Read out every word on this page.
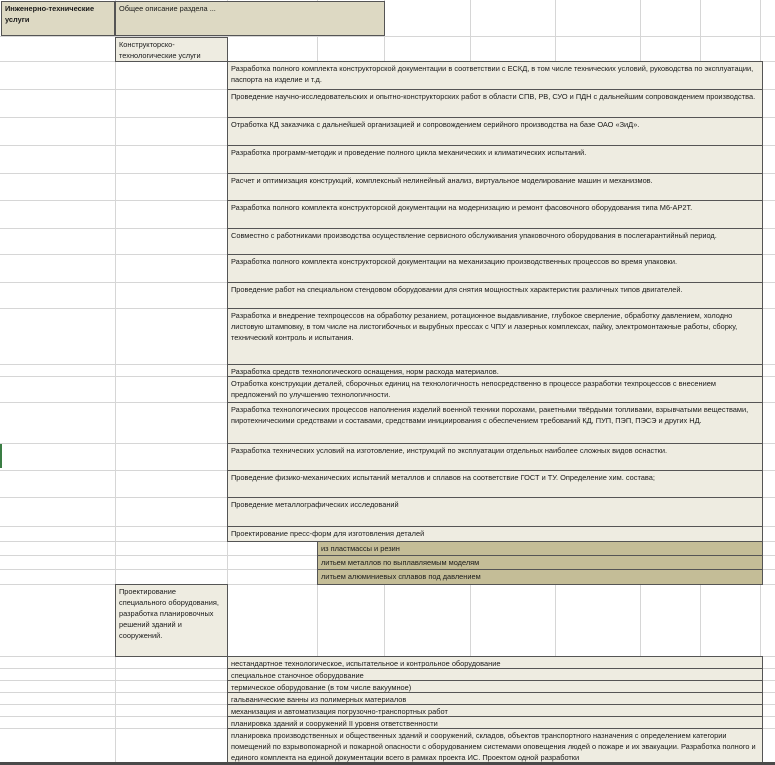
Инженерно-технические услуги
Общее описание раздела ...
Конструкторско-технологические услуги
Разработка полного комплекта конструкторской документации в соответствии с ЕСКД, в том числе технических условий, руководства по эксплуатации, паспорта на изделие и т.д.
Проведение научно-исследовательских и опытно-конструкторских работ в области СПВ, РВ, СУО и ПДН с дальнейшим сопровождением производства.
Отработка КД заказчика с дальнейшей организацией и сопровождением серийного производства на базе ОАО «ЗиД».
Разработка программ-методик и проведение полного цикла механических и климатических испытаний.
Расчет и оптимизация конструкций, комплексный нелинейный анализ, виртуальное моделирование машин и механизмов.
Разработка полного комплекта конструкторской документации на модернизацию и ремонт фасовочного оборудования типа М6-АР2Т.
Совместно с работниками производства осуществление сервисного обслуживания упаковочного оборудования в послегарантийный период.
Разработка полного комплекта конструкторской документации на механизацию производственных процессов во время упаковки.
Проведение работ на специальном стендовом оборудовании для снятия мощностных характеристик различных типов двигателей.
Разработка и внедрение техпроцессов на обработку резанием, ротационное выдавливание, глубокое сверление, обработку давлением, холодно листовую штамповку, в том числе на листогибочных и вырубных прессах с ЧПУ и лазерных комплексах, пайку, электромонтажные работы, сборку, технический контроль и испытания.
Разработка средств технологического оснащения, норм расхода материалов.
Отработка конструкции деталей, сборочных единиц на технологичность непосредственно в процессе разработки техпроцессов с внесением предложений по улучшению технологичности.
Разработка технологических процессов наполнения изделий военной техники порохами, ракетными твёрдыми топливами, взрывчатыми веществами, пиротехническими средствами и составами, средствами инициирования с обеспечением требований КД, ПУП, ПЭП, ПЭСЭ и других НД.
Разработка технических условий на изготовление, инструкций по эксплуатации отдельных наиболее сложных видов оснастки.
Проведение физико-механических испытаний металлов и сплавов на соответствие ГОСТ и ТУ. Определение хим. состава;
Проведение металлографических исследований
Проектирование пресс-форм для изготовления деталей
из пластмассы и резин
литьем металлов по выплавляемым моделям
литьем алюминиевых сплавов под давлением
Проектирование специального оборудования, разработка планировочных решений зданий и сооружений.
нестандартное технологическое, испытательное и контрольное оборудование
специальное станочное оборудование
термическое оборудование (в том числе вакуумное)
гальванические ванны из полимерных материалов
механизация и автоматизация погрузочно-транспортных работ
планировка зданий и сооружений II уровня ответственности
планировка производственных и общественных зданий и сооружений, складов, объектов транспортного назначения с определением категории помещений по взрывопожарной и пожарной опасности с оборудованием системами оповещения людей о пожаре и их эвакуации. Разработка полного и единого комплекта на единой документации всего в рамках проекта ИС. Проектом одной разработки
